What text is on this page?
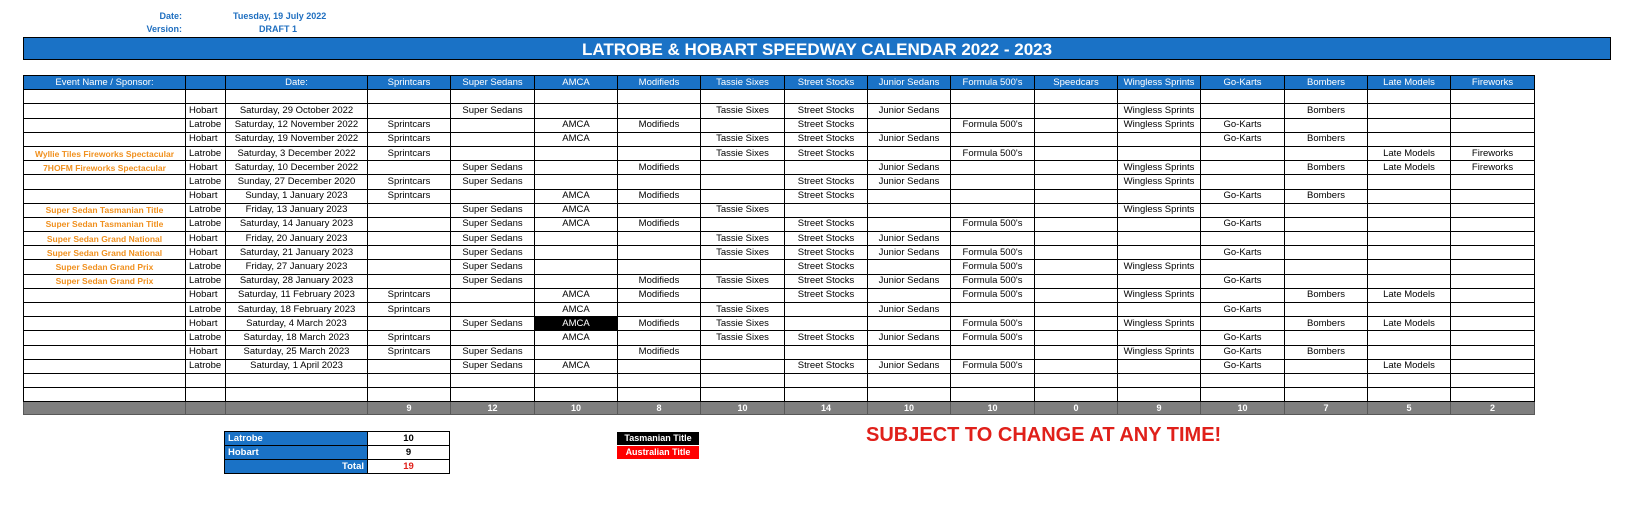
Date:	Tuesday, 19 July 2022
Version:	DRAFT 1
LATROBE & HOBART SPEEDWAY CALENDAR 2022 - 2023
Event Name / Sponsor:		Date:	Sprintcars	Super Sedans	AMCA	Modifieds	Tassie Sixes	Street Stocks	Junior Sedans	Formula 500's	Speedcars	Wingless Sprints	Go-Karts	Bombers	Late Models	Fireworks

	Hobart	Saturday, 29 October 2022		Super Sedans			Tassie Sixes	Street Stocks	Junior Sedans			Wingless Sprints		Bombers		
	Latrobe	Saturday, 12 November 2022	Sprintcars		AMCA	Modifieds		Street Stocks		Formula 500's		Wingless Sprints	Go-Karts			
	Hobart	Saturday, 19 November 2022	Sprintcars		AMCA		Tassie Sixes	Street Stocks	Junior Sedans				Go-Karts	Bombers		
Wyllie Tiles Fireworks Spectacular	Latrobe	Saturday, 3 December 2022	Sprintcars				Tassie Sixes	Street Stocks		Formula 500's					Late Models	Fireworks
7HOFM Fireworks Spectacular	Hobart	Saturday, 10 December 2022		Super Sedans		Modifieds			Junior Sedans			Wingless Sprints		Bombers	Late Models	Fireworks
	Latrobe	Sunday, 27 December 2020	Sprintcars	Super Sedans				Street Stocks	Junior Sedans			Wingless Sprints				
	Hobart	Sunday, 1 January 2023	Sprintcars		AMCA	Modifieds		Street Stocks					Go-Karts	Bombers		
Super Sedan Tasmanian Title	Latrobe	Friday, 13 January 2023		Super Sedans	AMCA		Tassie Sixes					Wingless Sprints				
Super Sedan Tasmanian Title	Latrobe	Saturday, 14 January 2023		Super Sedans	AMCA	Modifieds		Street Stocks		Formula 500's			Go-Karts			
Super Sedan Grand National	Hobart	Friday, 20 January 2023		Super Sedans			Tassie Sixes	Street Stocks	Junior Sedans							
Super Sedan Grand National	Hobart	Saturday, 21 January 2023		Super Sedans			Tassie Sixes	Street Stocks	Junior Sedans	Formula 500's			Go-Karts			
Super Sedan Grand Prix	Latrobe	Friday, 27 January 2023		Super Sedans				Street Stocks		Formula 500's		Wingless Sprints				
Super Sedan Grand Prix	Latrobe	Saturday, 28 January 2023		Super Sedans		Modifieds	Tassie Sixes	Street Stocks	Junior Sedans	Formula 500's			Go-Karts			
	Hobart	Saturday, 11 February 2023	Sprintcars		AMCA	Modifieds		Street Stocks		Formula 500's		Wingless Sprints		Bombers	Late Models	
	Latrobe	Saturday, 18 February 2023	Sprintcars		AMCA		Tassie Sixes		Junior Sedans				Go-Karts			
	Hobart	Saturday, 4 March 2023		Super Sedans	AMCA	Modifieds	Tassie Sixes			Formula 500's		Wingless Sprints		Bombers	Late Models	
	Latrobe	Saturday, 18 March 2023	Sprintcars		AMCA		Tassie Sixes	Street Stocks	Junior Sedans	Formula 500's			Go-Karts			
	Hobart	Saturday, 25 March 2023	Sprintcars	Super Sedans		Modifieds						Wingless Sprints	Go-Karts	Bombers		
	Latrobe	Saturday, 1 April 2023		Super Sedans	AMCA			Street Stocks	Junior Sedans	Formula 500's			Go-Karts		Late Models	

			9	12	10	8	10	14	10	10	0	9	10	7	5	2
Latrobe	10
Hobart	9
Total	19
Tasmanian Title
Australian Title
SUBJECT TO CHANGE AT ANY TIME!
